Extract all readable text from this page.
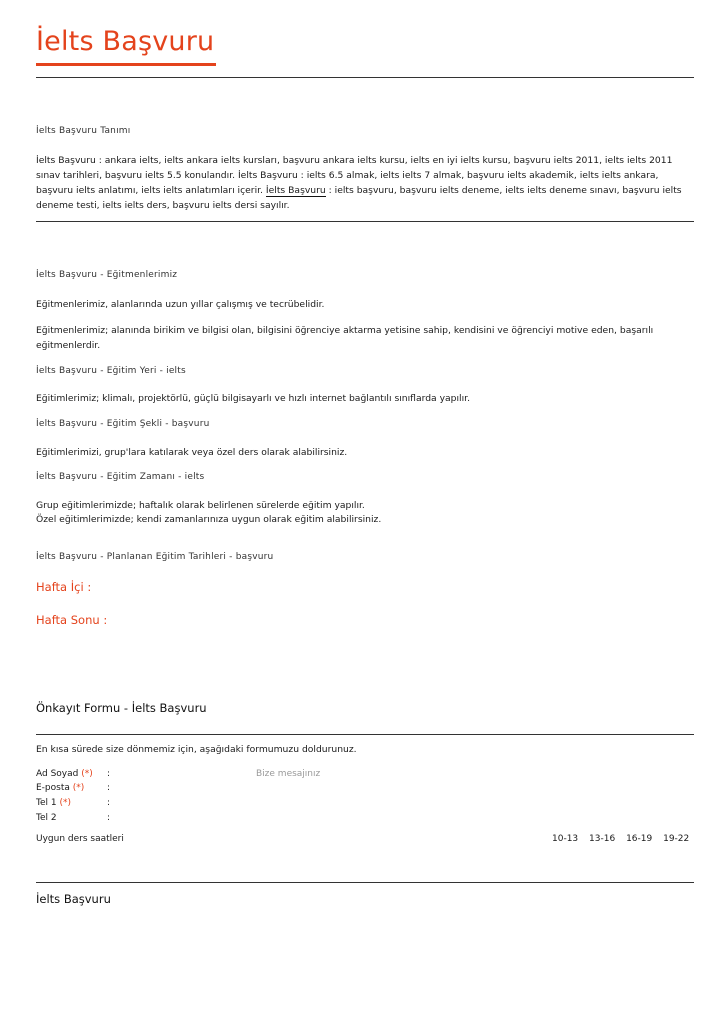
İelts Başvuru
İelts Başvuru Tanımı

İelts Başvuru : ankara ielts, ielts ankara ielts kursları, başvuru ankara ielts kursu, ielts en iyi ielts kursu, başvuru ielts 2011, ielts ielts 2011 sınav tarihleri, başvuru ielts 5.5 konulandır. İelts Başvuru : ielts 6.5 almak, ielts ielts 7 almak, başvuru ielts akademik, ielts ielts ankara, başvuru ielts anlatımı, ielts ielts anlatımları içerir. İelts Başvuru : ielts başvuru, başvuru ielts deneme, ielts ielts deneme sınavı, başvuru ielts deneme testi, ielts ielts ders, başvuru ielts dersi sayılır.

İelts Başvuru - Eğitmenlerimiz

Eğitmenlerimiz, alanlarında uzun yıllar çalışmış ve tecrübelidir.

Eğitmenlerimiz; alanında birikim ve bilgisi olan, bilgisini öğrenciye aktarma yetisine sahip, kendisini ve öğrenciyi motive eden, başarılı eğitmenlerdir.

İelts Başvuru - Eğitim Yeri - ielts

Eğitimlerimiz; klimalı, projektörlü, güçlü bilgisayarlı ve hızlı internet bağlantılı sınıflarda yapılır.

İelts Başvuru - Eğitim Şekli - başvuru

Eğitimlerimizi, grup'lara katılarak veya özel ders olarak alabilirsiniz.

İelts Başvuru - Eğitim Zamanı - ielts

Grup eğitimlerimizde; haftalık olarak belirlenen sürelerde eğitim yapılır.

Özel eğitimlerimizde; kendi zamanlarınıza uygun olarak eğitim alabilirsiniz.

İelts Başvuru - Planlanan Eğitim Tarihleri - başvuru
Hafta İçi :
Hafta Sonu :
Önkayıt Formu - İelts Başvuru

En kısa sürede size dönmemiz için, aşağıdaki formumuzu doldurunuz.

Ad Soyad (*) :
E-posta (*)	:
Tel 1 (*)	:
Tel 2	:
Bize mesajınız
Uygun ders saatleri	10-13 13-16 16-19 19-22
İelts Başvuru
